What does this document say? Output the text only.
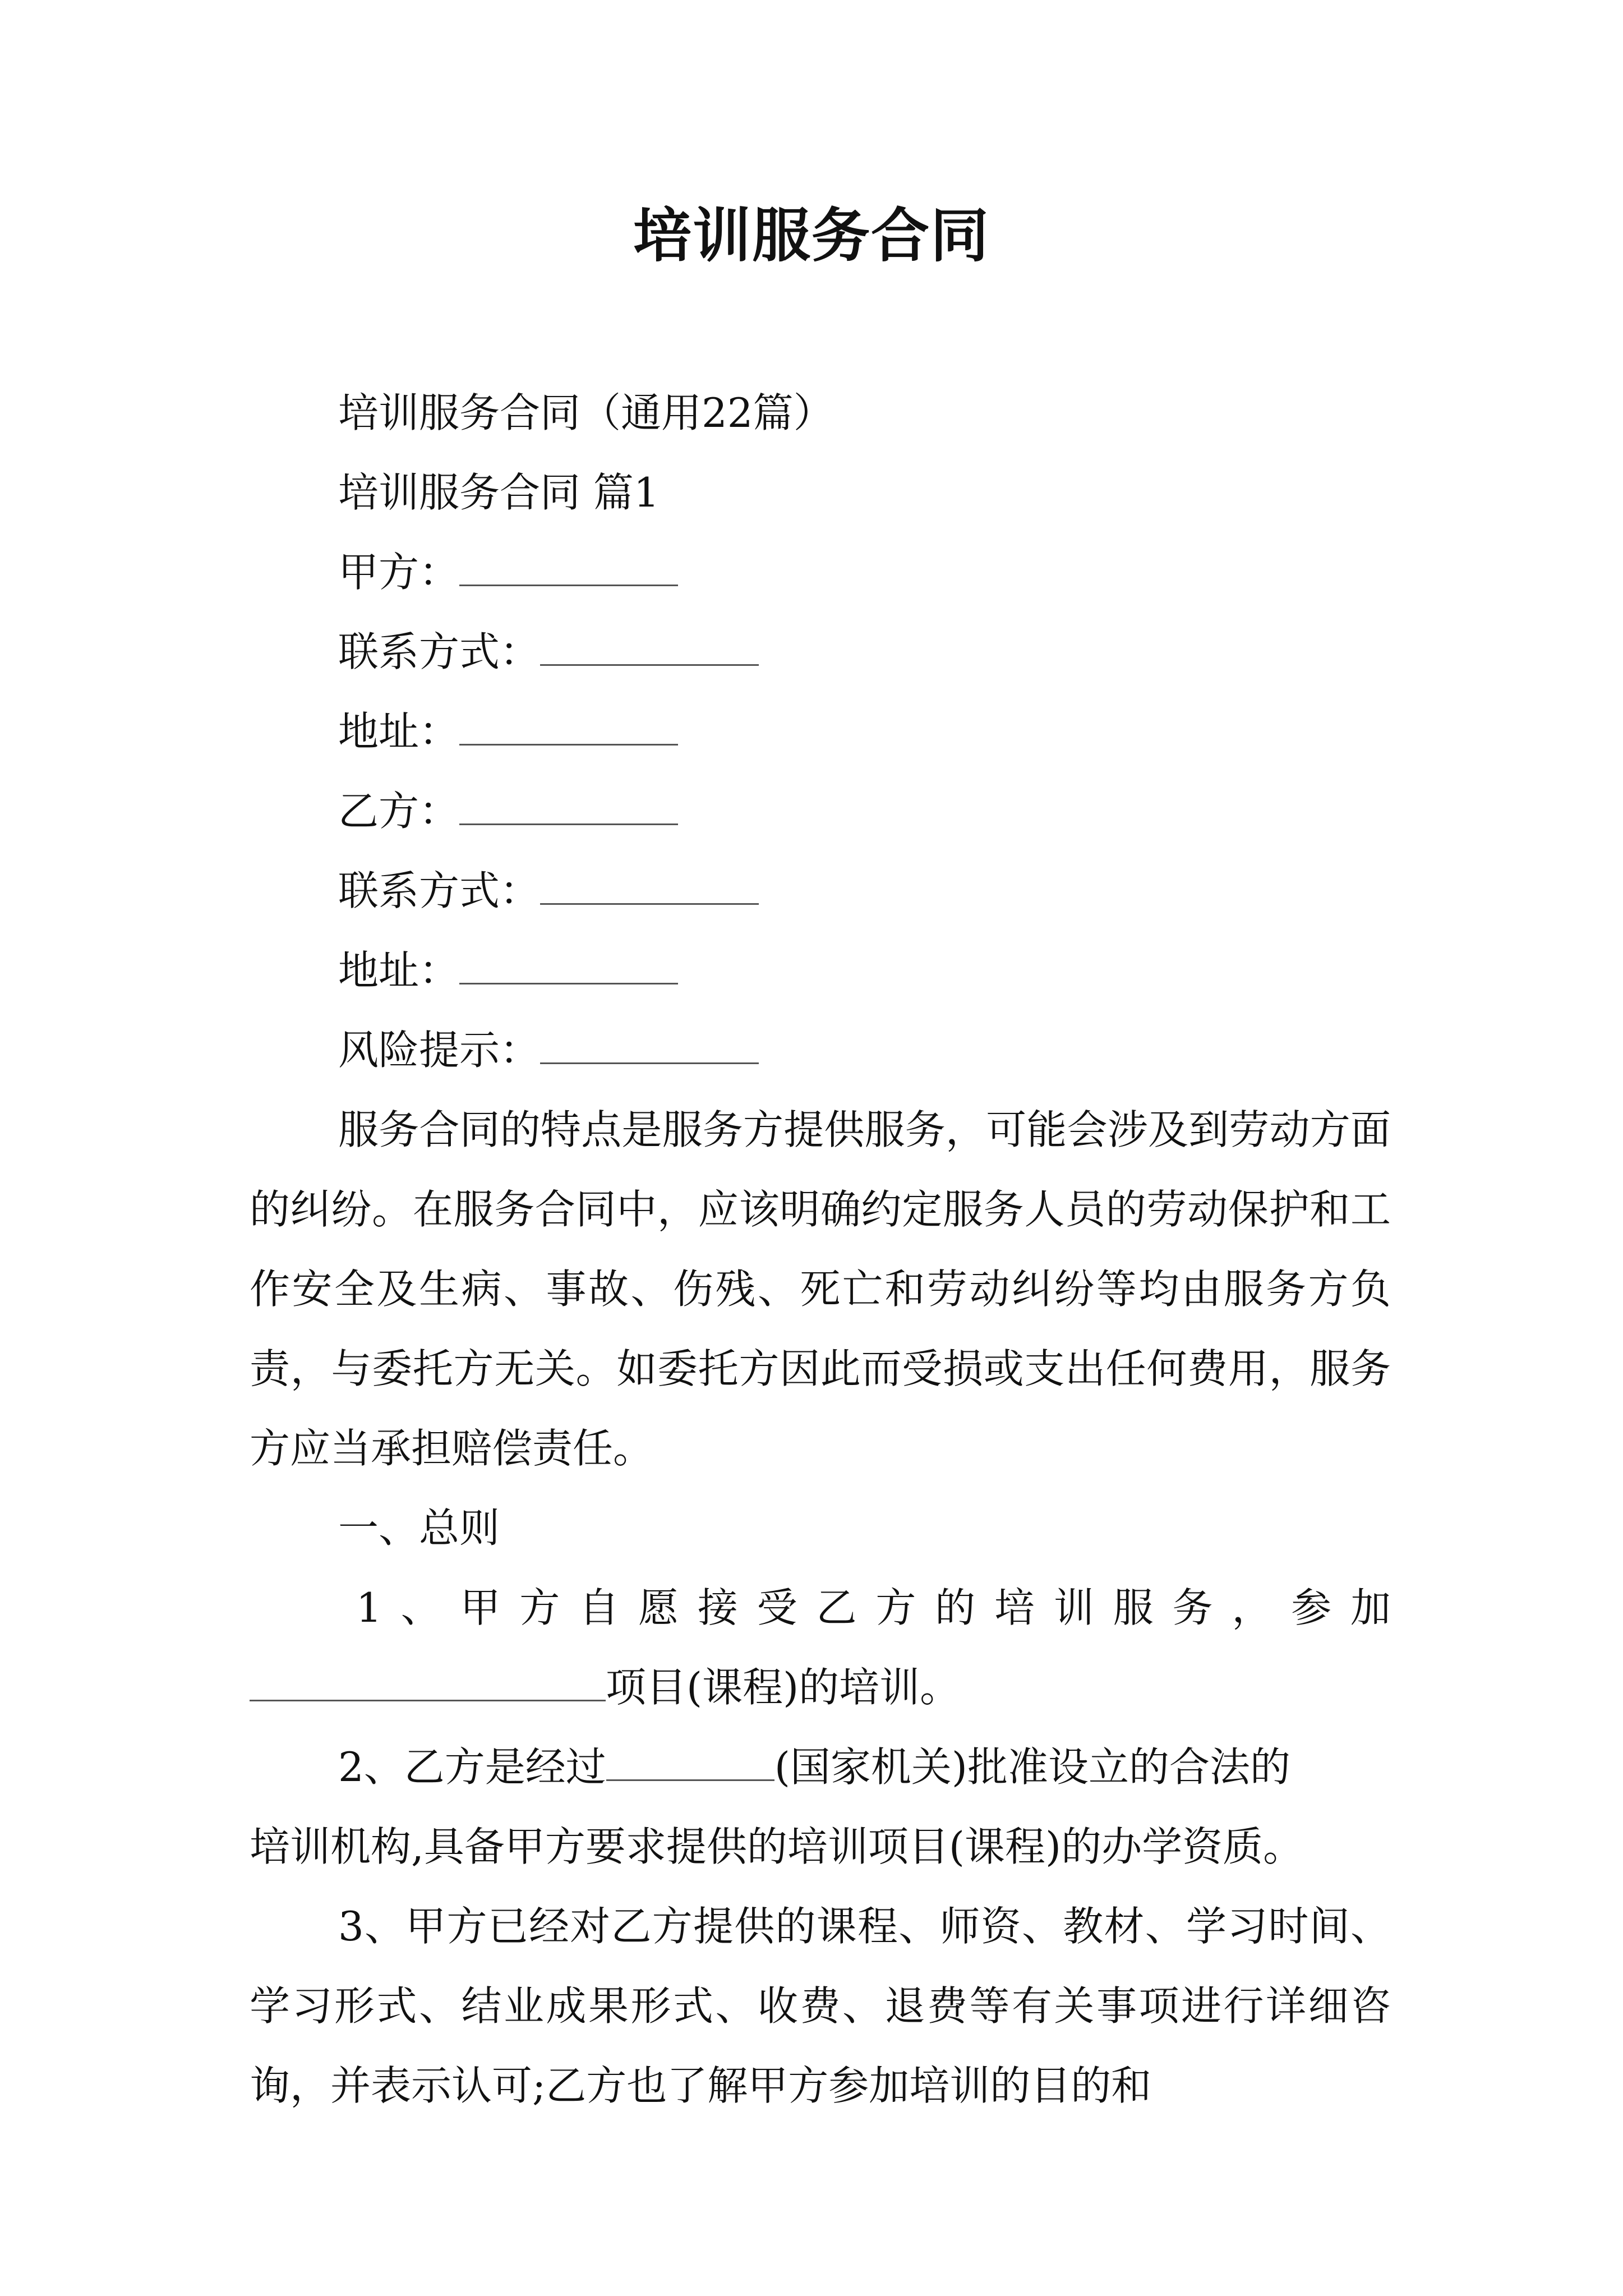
培训服务合同
培训服务合同（通用22篇）
培训服务合同 篇1
甲方：
联系方式：
地址：
乙方：
联系方式：
地址：
风险提示：

服务合同的特点是服务方提供服务，可能会涉及到劳动方面的纠纷。在服务合同中，应该明确约定服务人员的劳动保护和工作安全及生病、事故、伤残、死亡和劳动纠纷等均由服务方负责，与委托方无关。如委托方因此而受损或支出任何费用，服务方应当承担赔偿责任。

一、总则
1、甲方自愿接受乙方的培训服务，参加
项目(课程)的培训。
2、乙方是经过	(国家机关)批准设立的合法的
培训机构,具备甲方要求提供的培训项目(课程)的办学资质。

3、甲方已经对乙方提供的课程、师资、教材、学习时间、学习形式、结业成果形式、收费、退费等有关事项进行详细咨询，并表示认可;乙方也了解甲方参加培训的目的和
